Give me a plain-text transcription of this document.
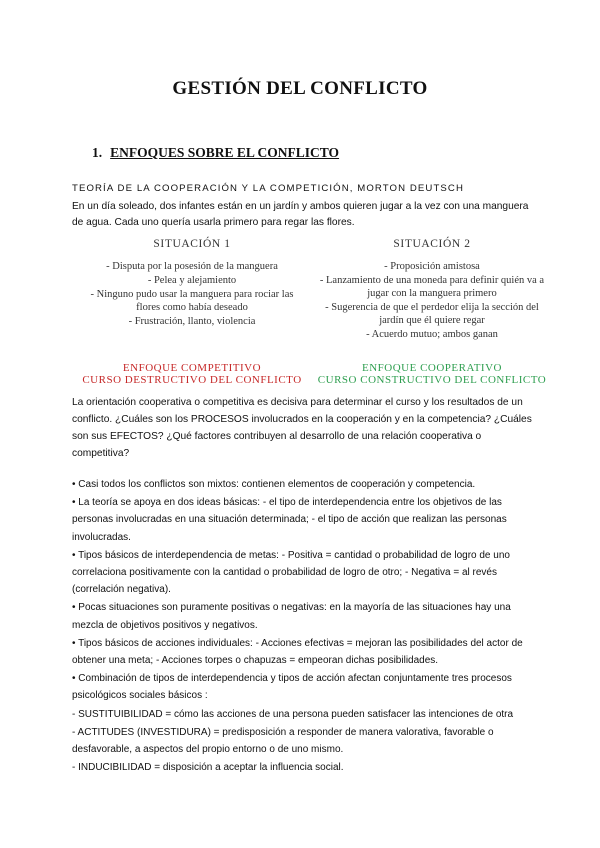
GESTIÓN DEL CONFLICTO
1. ENFOQUES SOBRE EL CONFLICTO
TEORÍA DE LA COOPERACIÓN Y LA COMPETICIÓN, MORTON DEUTSCH
En un día soleado, dos infantes están en un jardín y ambos quieren jugar a la vez con una manguera de agua. Cada uno quería usarla primero para regar las flores.
SITUACIÓN 1
- Disputa por la posesión de la manguera
- Pelea y alejamiento
- Ninguno pudo usar la manguera para rociar las flores como había deseado
- Frustración, llanto, violencia
SITUACIÓN 2
- Proposición amistosa
- Lanzamiento de una moneda para definir quién va a jugar con la manguera primero
- Sugerencia de que el perdedor elija la sección del jardín que él quiere regar
- Acuerdo mutuo; ambos ganan
ENFOQUE COMPETITIVO
CURSO DESTRUCTIVO DEL CONFLICTO
ENFOQUE COOPERATIVO
CURSO CONSTRUCTIVO DEL CONFLICTO
La orientación cooperativa o competitiva es decisiva para determinar el curso y los resultados de un conflicto. ¿Cuáles son los PROCESOS involucrados en la cooperación y en la competencia? ¿Cuáles son sus EFECTOS? ¿Qué factores contribuyen al desarrollo de una relación cooperativa o competitiva?

• Casi todos los conflictos son mixtos: contienen elementos de cooperación y competencia.

• La teoría se apoya en dos ideas básicas: - el tipo de interdependencia entre los objetivos de las personas involucradas en una situación determinada; - el tipo de acción que realizan las personas involucradas.

• Tipos básicos de interdependencia de metas: - Positiva = cantidad o probabilidad de logro de uno correlaciona positivamente con la cantidad o probabilidad de logro de otro; - Negativa = al revés (correlación negativa).

• Pocas situaciones son puramente positivas o negativas: en la mayoría de las situaciones hay una mezcla de objetivos positivos y negativos.

• Tipos básicos de acciones individuales: - Acciones efectivas = mejoran las posibilidades del actor de obtener una meta; - Acciones torpes o chapuzas = empeoran dichas posibilidades.

• Combinación de tipos de interdependencia y tipos de acción afectan conjuntamente tres procesos psicológicos sociales básicos :

- SUSTITUIBILIDAD = cómo las acciones de una persona pueden satisfacer las intenciones de otra

- ACTITUDES (INVESTIDURA) = predisposición a responder de manera valorativa, favorable o desfavorable, a aspectos del propio entorno o de uno mismo.

- INDUCIBILIDAD = disposición a aceptar la influencia social.
